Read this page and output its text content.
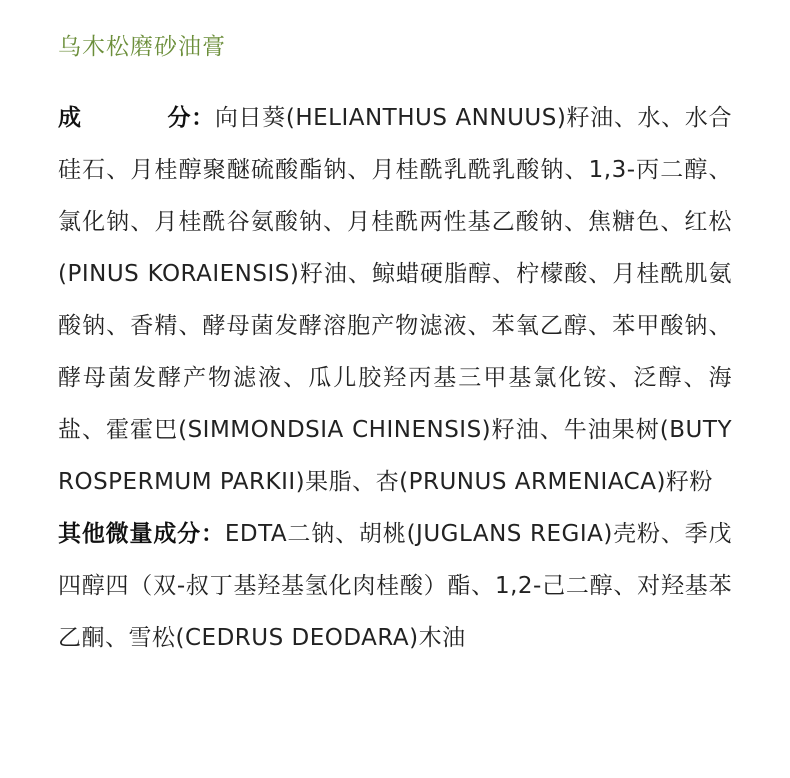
乌木松磨砂油膏

成分：向日葵(HELIANTHUS ANNUUS)籽油、水、水合硅石、月桂醇聚醚硫酸酯钠、月桂酰乳酰乳酸钠、1,3-丙二醇、氯化钠、月桂酰谷氨酸钠、月桂酰两性基乙酸钠、焦糖色、红松(PINUS KORAIENSIS)籽油、鲸蜡硬脂醇、柠檬酸、月桂酰肌氨酸钠、香精、酵母菌发酵溶胞产物滤液、苯氧乙醇、苯甲酸钠、酵母菌发酵产物滤液、瓜儿胶羟丙基三甲基氯化铵、泛醇、海盐、霍霍巴(SIMMONDSIA CHINENSIS)籽油、牛油果树(BUTYROSPERMUM PARKII)果脂、杏(PRUNUS ARMENIACA)籽粉

其他微量成分：EDTA二钠、胡桃(JUGLANS REGIA)壳粉、季戊四醇四（双-叔丁基羟基氢化肉桂酸）酯、1,2-己二醇、对羟基苯乙酮、雪松(CEDRUS DEODARA)木油
